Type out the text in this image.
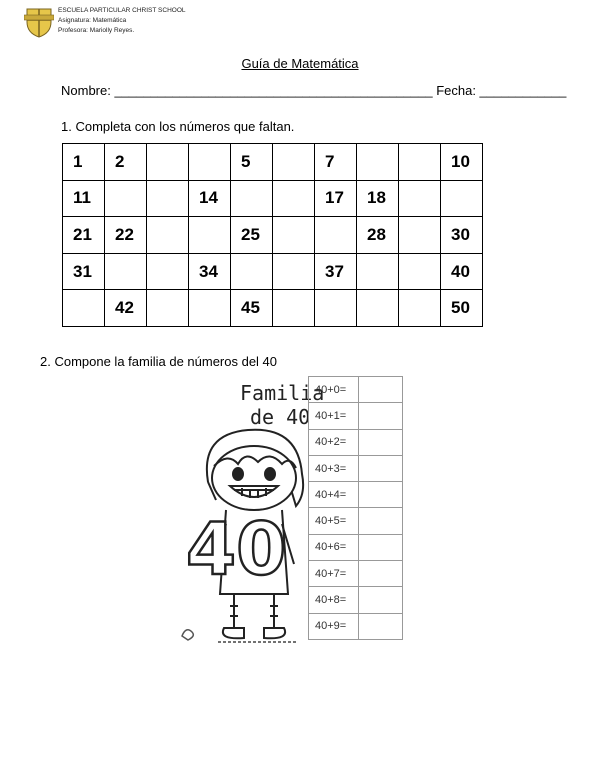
ESCUELA PARTICULAR CHRIST SCHOOL
Asignatura: Matemática
Profesora: Mariolly Reyes.
Guía de Matemática
Nombre: ____________________________________________ Fecha: ____________
1. Completa con los números que faltan.
1	2			5		7			10
11			14			17	18		
21	22			25			28		30
31			34			37			40
	42			45					50
2. Compone la familia de números del 40
Familia
de 40
40
40+0=	
40+1=	
40+2=	
40+3=	
40+4=	
40+5=	
40+6=	
40+7=	
40+8=	
40+9=	
